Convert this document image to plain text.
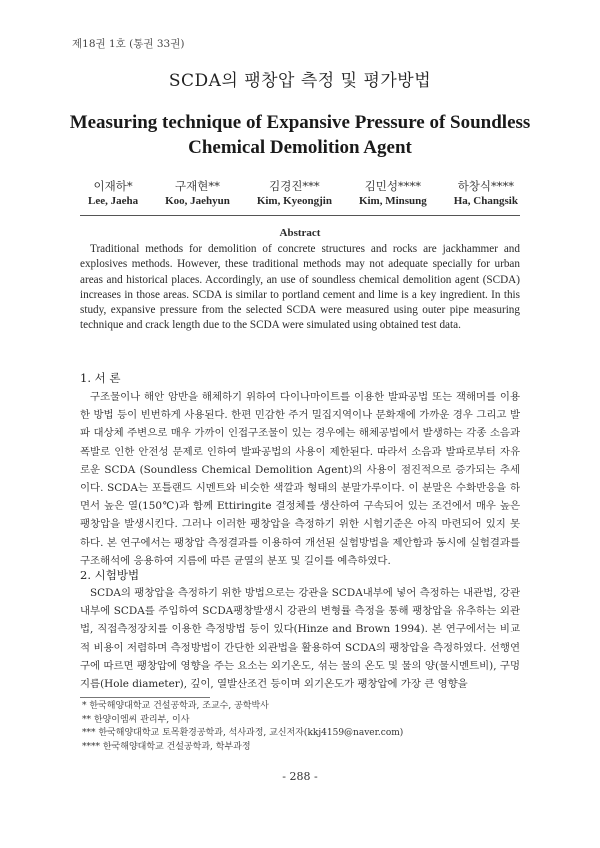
제18권 1호 (통권 33권)
SCDA의 팽창압 측정 및 평가방법
Measuring technique of Expansive Pressure of Soundless
Chemical Demolition Agent
이재하*
Lee, Jaeha
구재현**
Koo, Jaehyun
김경진***
Kim, Kyeongjin
김민성****
Kim, Minsung
하창식****
Ha, Changsik
Abstract

Traditional methods for demolition of concrete structures and rocks are jackhammer and explosives methods. However, these traditional methods may not adequate specially for urban areas and historical places. Accordingly, an use of soundless chemical demolition agent (SCDA) increases in those areas. SCDA is similar to portland cement and lime is a key ingredient. In this study, expansive pressure from the selected SCDA were measured using outer pipe measuring technique and crack length due to the SCDA were simulated using obtained test data.

1. 서 론

구조물이나 해안 암반을 해체하기 위하여 다이나마이트를 이용한 발파공법 또는 잭해머를 이용한 방법 등이 빈번하게 사용된다. 한편 민감한 주거 밀집지역이나 문화재에 가까운 경우 그리고 발파 대상체 주변으로 매우 가까이 인접구조물이 있는 경우에는 해체공법에서 발생하는 각종 소음과 폭발로 인한 안전성 문제로 인하여 발파공법의 사용이 제한된다. 따라서 소음과 발파로부터 자유로운 SCDA (Soundless Chemical Demolition Agent)의 사용이 점진적으로 증가되는 추세이다. SCDA는 포틀랜드 시멘트와 비슷한 색깔과 형태의 분말가루이다. 이 분말은 수화반응을 하면서 높은 열(150℃)과 함께 Ettiringite 결정체를 생산하여 구속되어 있는 조건에서 매우 높은 팽창압을 발생시킨다. 그러나 이러한 팽창압을 측정하기 위한 시험기준은 아직 마련되어 있지 못하다. 본 연구에서는 팽창압 측정결과를 이용하여 개선된 실험방법을 제안함과 동시에 실험결과를 구조해석에 응용하여 지름에 따른 균열의 분포 및 길이를 예측하였다.

2. 시험방법

SCDA의 팽창압을 측정하기 위한 방법으로는 강관을 SCDA내부에 넣어 측정하는 내관법, 강관 내부에 SCDA를 주입하여 SCDA팽창발생시 강관의 변형률 측정을 통해 팽창압을 유추하는 외관법, 직접측정장치를 이용한 측정방법 등이 있다(Hinze and Brown 1994). 본 연구에서는 비교적 비용이 저렴하며 측정방법이 간단한 외관법을 활용하여 SCDA의 팽창압을 측정하였다. 선행연구에 따르면 팽창압에 영향을 주는 요소는 외기온도, 섞는 물의 온도 및 물의 양(물시멘트비), 구멍지름(Hole diameter), 깊이, 열발산조건 등이며 외기온도가 팽창압에 가장 큰 영향을

* 한국해양대학교 건설공학과, 조교수, 공학박사
** 한양이엠씨 관리부, 이사
*** 한국해양대학교 토목환경공학과, 석사과정, 교신저자(kkj4159@naver.com)
**** 한국해양대학교 건설공학과, 학부과정
- 288 -
